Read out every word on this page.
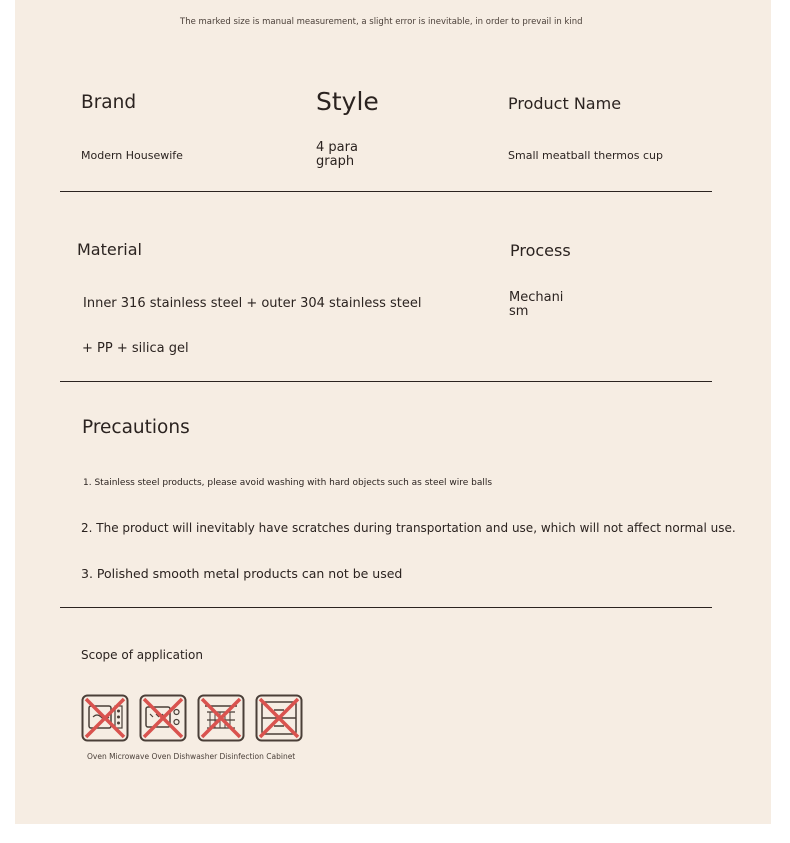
The marked size is manual measurement, a slight error is inevitable, in order to prevail in kind
Brand
Modern Housewife
Style
4 para graph
Product Name
Small meatball thermos cup
Material
Inner 316 stainless steel + outer 304 stainless steel
+ PP + silica gel
Process
Mechanism
Precautions
1. Stainless steel products, please avoid washing with hard objects such as steel wire balls
2. The product will inevitably have scratches during transportation and use, which will not affect normal use.
3. Polished smooth metal products can not be used
Scope of application
Oven Microwave Oven Dishwasher Disinfection Cabinet
